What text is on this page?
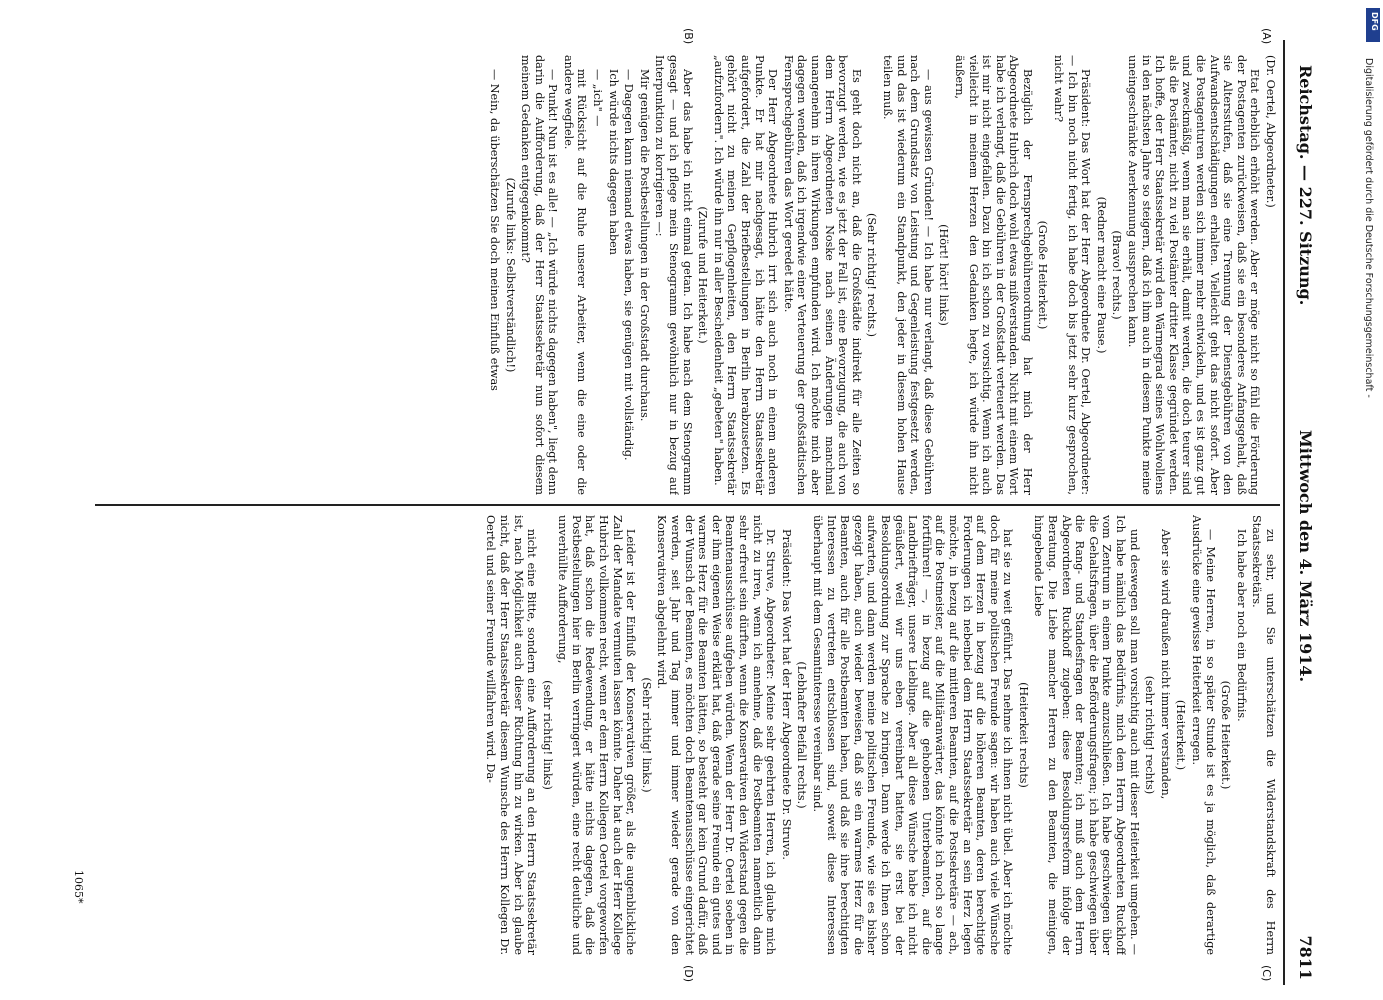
Reichstag. — 227. Sitzung.
Mittwoch den 4. März 1914.
7811
(A)
(B)
(C)
(D)

(Dr. Oertel, Abgeordneter.)

Etat erheblich erhöht werden. Aber er möge nicht so fühl die Förderung der Postagenten zurückweisen, daß sie ein besonderes Anfangsgehalt, daß sie Altersstufen, daß sie eine Trennung der Dienstgebühren von den Aufwandsentschädigungen erhalten. Vielleicht geht das nicht sofort. Aber die Postagenturen werden sich immer mehr entwickeln, und es ist ganz gut und zweckmäßig, wenn man sie erhält, damit werden, die doch teurer sind als die Postämter, nicht zu viel Postämter dritter Klasse gegründet werden. Ich hoffe, der Herr Staatssekretär wird den Wärmegrad seines Wohlwollens in den nächsten Jahre so steigern, daß ich ihm auch in diesem Punkte meine uneingeschränkte Anerkennung aussprechen kann.

(Bravo! rechts.)

(Redner macht eine Pause.)

Präsident: Das Wort hat der Herr Abgeordnete Dr. Oertel, Abgeordneter: — Ich bin noch nicht fertig, ich habe doch bis jetzt sehr kurz gesprochen, nicht wahr?

(Große Heiterkeit.)

Bezüglich der Fernsprechgebührenordnung hat mich der Herr Abgeordnete Hubrich doch wohl etwas mißverstanden. Nicht mit einem Wort habe ich verlangt, daß die Gebühren in der Großstadt verteuert werden. Das ist mir nicht eingefallen. Dazu bin ich schon zu vorsichtig. Wenn ich auch vielleicht in meinem Herzen den Gedanken hegte, ich würde ihn nicht äußern,

(Hört! hört! links)

— aus gewissen Gründen! — Ich habe nur verlangt, daß diese Gebühren nach dem Grundsatz von Leistung und Gegenleistung festgesetzt werden, und das ist wiederum ein Standpunkt, den jeder in diesem hohen Hause teilen muß.

(Sehr richtig! rechts.)

Es geht doch nicht an, daß die Großstädte indirekt für alle Zeiten so bevorzugt werden, wie es jetzt der Fall ist, eine Bevorzugung, die auch von dem Herrn Abgeordneten Noske nach seinen Änderungen manchmal unangenehm in ihren Wirkungen empfunden wird. Ich möchte mich aber dagegen wenden, daß ich irgendwie einer Verteuerung der großstädtischen Fernsprechgebühren das Wort geredet hätte.

Der Herr Abgeordnete Hubrich irrt sich auch noch in einem anderen Punkte. Er hat mir nachgesagt, ich hätte den Herrn Staatssekretär aufgefordert, die Zahl der Briefbestellungen in Berlin herabzusetzen. Es gehört nicht zu meinen Gepflogenheiten, den Herrn Staatssekretär „aufzufordern". Ich würde ihn nur in aller Bescheidenheit „gebeten" haben.

(Zurufe und Heiterkeit.)

Aber das habe ich nicht einmal getan. Ich habe nach dem Stenogramm gesagt — und ich pflege mein Stenogramm gewöhnlich nur in bezug auf Interpunktion zu korrigieren —:

Mir genügen die Postbestellungen in der Großstadt durchaus.

— Dagegen kann niemand etwas haben, sie genügen mit vollständig.

Ich würde nichts dagegen haben

— „ich" —

mit Rücksicht auf die Ruhe unserer Arbeiter, wenn die eine oder die andere wegfiele.

— Punkt! Nun ist es alle! — „Ich würde nichts dagegen haben", liegt denn darin die Aufforderung, daß der Herr Staatssekretär nun sofort diesem meinem Gedanken entgegenkommt?

(Zurufe links: Selbstverständlich!)

— Nein, da überschätzen Sie doch meinen Einfluß etwas

zu sehr, und Sie unterschätzen die Widerstandskraft des Herrn Staatssekretärs.

Ich habe aber noch ein Bedürfnis.

(Große Heiterkeit.)

— Meine Herren, in so später Stunde ist es ja möglich, daß derartige Ausdrücke eine gewisse Heiterkeit erregen.

(Heiterkeit.)

Aber sie wird draußen nicht immer verstanden,

(sehr richtig! rechts)

und deswegen soll man vorsichtig auch mit dieser Heiterkeit umgehen. — Ich habe nämlich das Bedürfnis, mich dem Herrn Abgeordneten Ruckhoff vom Zentrum in einem Punkte anzuschließen. Ich habe geschwiegen über die Gehaltsfragen, über die Beförderungsfragen; ich habe geschwiegen über die Rang- und Standesfragen der Beamten; ich muß auch dem Herrn Abgeordneten Ruckhoff zugeben: diese Besoldungsreform infolge der Beratung. Die Liebe mancher Herren zu den Beamten, die meinigen, hingebende Liebe

(Heiterkeit rechts)

hat sie zu weit geführt. Das nehme ich ihnen nicht übel. Aber ich möchte doch für meine politischen Freunde sagen: wir haben auch viele Wünsche auf dem Herzen in bezug auf die höheren Beamten, deren berechtigte Forderungen ich nebenbei dem Herrn Staatssekretär an sein Herz legen möchte, in bezug auf die mittleren Beamten, auf die Postsekretäre — ach, auf die Postmeister, auf die Militäranwärter, das könnte ich noch so lange fortführen! —, in bezug auf die gehobenen Unterbeamten, auf die Landbriefträger, unsere Lieblinge. Aber all diese Wünsche habe ich nicht geäußert, weil wir uns eben vereinbart hatten, sie erst bei der Besoldungsordnung zur Sprache zu bringen. Dann werde ich Ihnen schon aufwarten, und dann werden meine politischen Freunde, wie sie es bisher gezeigt haben, auch wieder beweisen, daß sie ein warmes Herz für die Beamten, auch für alle Postbeamten haben, und daß sie ihre berechtigten Interessen zu vertreten entschlossen sind, soweit diese Interessen überhaupt mit dem Gesamtinteresse vereinbar sind.

(Lebhafter Beifall rechts.)

Präsident: Das Wort hat der Herr Abgeordnete Dr. Struve.

Dr. Struve, Abgeordneter: Meine sehr geehrten Herren, ich glaube mich nicht zu irren, wenn ich annehme, daß die Postbeamten namentlich dann sehr erfreut sein dürften, wenn die Konservativen den Widerstand gegen die Beamtenausschüsse aufgeben würden. Wenn der Herr Dr. Oertel soeben in der ihm eigenen Weise erklärt hat, daß gerade seine Freunde ein gutes und warmes Herz für die Beamten hätten, so besteht gar kein Grund dafür, daß der Wunsch der Beamten, es möchten doch Beamtenausschüsse eingerichtet werden, seit Jahr und Tag immer und immer wieder gerade von den Konservativen abgelehnt wird.

(Sehr richtig! links.)

Leider ist der Einfluß der Konservativen größer, als die augenblickliche Zahl der Mandate vermuten lassen könnte. Daher hat auch der Herr Kollege Hubrich vollkommen recht, wenn er dem Herrn Kollegen Oertel vorgeworfen hat, daß schon die Redewendung, er hätte nichts dagegen, daß die Postbestellungen hier in Berlin verringert würden, eine recht deutliche und unverhüllte Aufforderung,

(sehr richtig! links)

nicht eine Bitte, sondern eine Aufforderung an den Herrn Staatssekretär ist, nach Möglichkeit auch dieser Richtung hin zu wirken. Aber ich glaube nicht, daß der Herr Staatssekretär diesem Wunsche des Herrn Kollegen Dr. Oertel und seiner Freunde willfahren wird. Da-

1065*
DFG
Digitalisierung gefördert durch die Deutsche Forschungsgemeinschaft -
